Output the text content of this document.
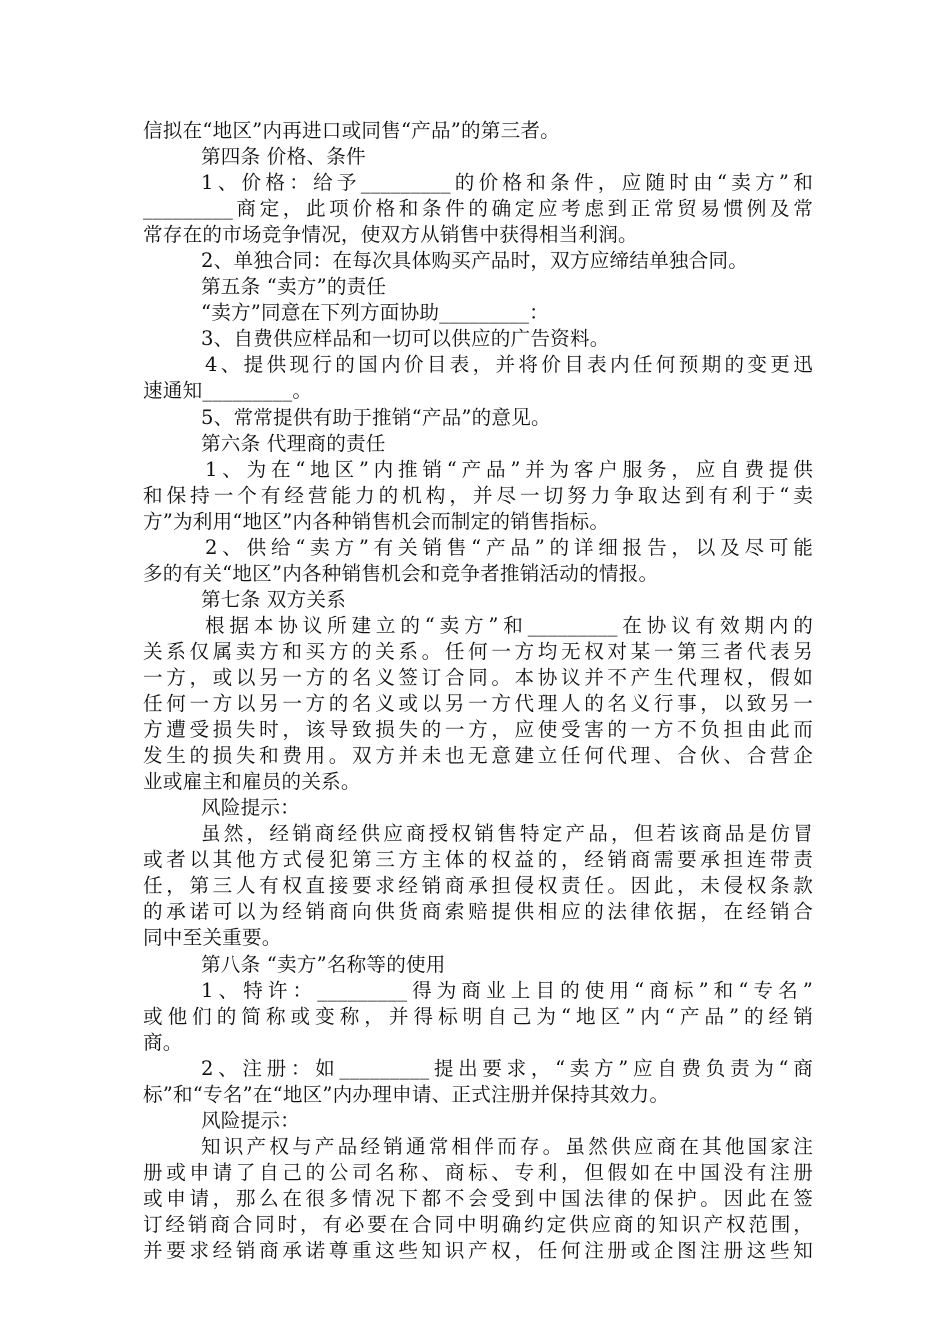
信拟在“地区”内再进口或同售“产品”的第三者。
第四条 价格、条件
1、价格：给予_________的价格和条件，应随时由“卖方”和
_________商定，此项价格和条件的确定应考虑到正常贸易惯例及常
常存在的市场竞争情况，使双方从销售中获得相当利润。
2、单独合同：在每次具体购买产品时，双方应缔结单独合同。
第五条 “卖方”的责任
“卖方”同意在下列方面协助_________：
3、自费供应样品和一切可以供应的广告资料。
4、提供现行的国内价目表，并将价目表内任何预期的变更迅
速通知_________。
5、常常提供有助于推销“产品”的意见。
第六条 代理商的责任
1、为在“地区”内推销“产品”并为客户服务，应自费提供
和保持一个有经营能力的机构，并尽一切努力争取达到有利于“卖
方”为利用“地区”内各种销售机会而制定的销售指标。
2、供给“卖方”有关销售“产品”的详细报告，以及尽可能
多的有关“地区”内各种销售机会和竞争者推销活动的情报。
第七条 双方关系
根据本协议所建立的“卖方”和_________在协议有效期内的
关系仅属卖方和买方的关系。任何一方均无权对某一第三者代表另
一方，或以另一方的名义签订合同。本协议并不产生代理权，假如
任何一方以另一方的名义或以另一方代理人的名义行事，以致另一
方遭受损失时，该导致损失的一方，应使受害的一方不负担由此而
发生的损失和费用。双方并未也无意建立任何代理、合伙、合营企
业或雇主和雇员的关系。
风险提示：
虽然，经销商经供应商授权销售特定产品，但若该商品是仿冒
或者以其他方式侵犯第三方主体的权益的，经销商需要承担连带责
任，第三人有权直接要求经销商承担侵权责任。因此，未侵权条款
的承诺可以为经销商向供货商索赔提供相应的法律依据，在经销合
同中至关重要。
第八条 “卖方”名称等的使用
1、特许：_________得为商业上目的使用“商标”和“专名”
或他们的简称或变称，并得标明自己为“地区”内“产品”的经销
商。
2、注册：如_________提出要求，“卖方”应自费负责为“商
标”和“专名”在“地区”内办理申请、正式注册并保持其效力。
风险提示：
知识产权与产品经销通常相伴而存。虽然供应商在其他国家注
册或申请了自己的公司名称、商标、专利，但假如在中国没有注册
或申请，那么在很多情况下都不会受到中国法律的保护。因此在签
订经销商合同时，有必要在合同中明确约定供应商的知识产权范围，
并要求经销商承诺尊重这些知识产权，任何注册或企图注册这些知
